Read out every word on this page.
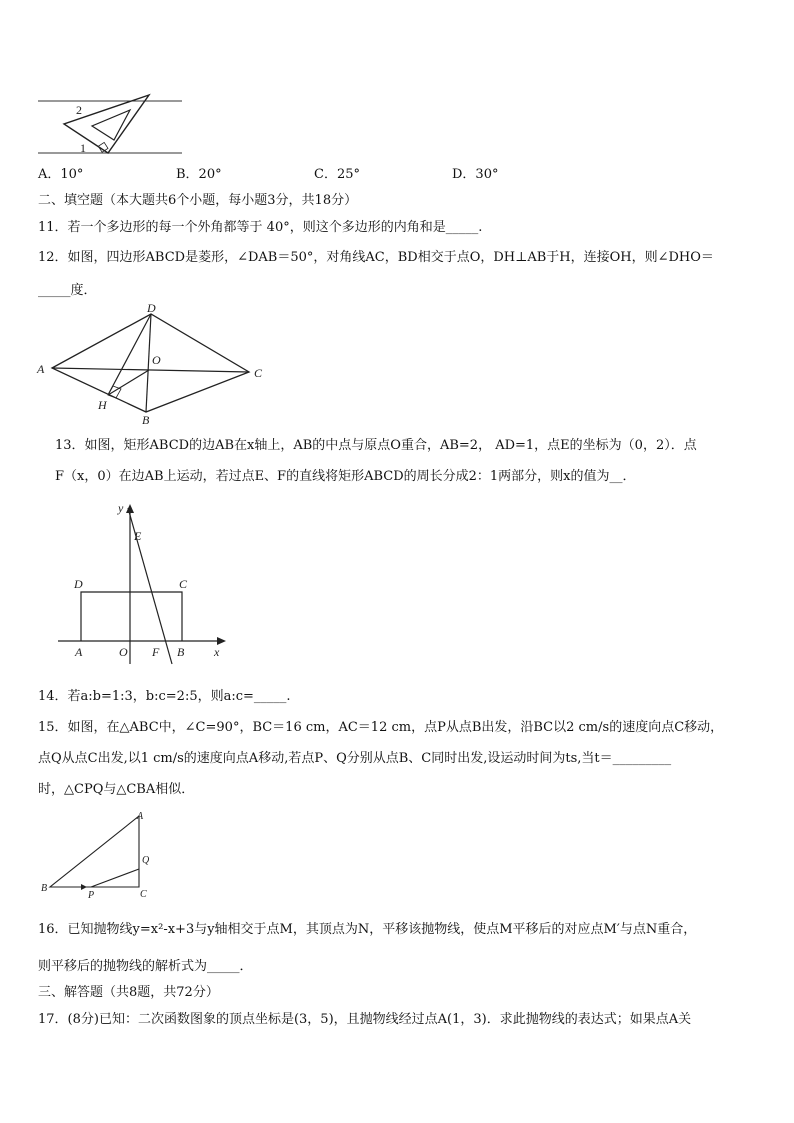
2
1
A．10°	B．20°	C．25°	D．30°
二、填空题（本大题共6个小题，每小题3分，共18分）
11．若一个多边形的每一个外角都等于 40°，则这个多边形的内角和是_____.
12．如图，四边形ABCD是菱形，∠DAB＝50°，对角线AC，BD相交于点O，DH⊥AB于H，连接OH，则∠DHO＝
_____度．
A
D
C
B
O
H
13．如图，矩形ABCD的边AB在x轴上，AB的中点与原点O重合，AB=2， AD=1，点E的坐标为（0，2）．点
F（x，0）在边AB上运动，若过点E、F的直线将矩形ABCD的周长分成2：1两部分，则x的值为__．
y
E
D	C
A	O F B x
14．若a:b=1:3，b:c=2:5，则a:c=_____.
15．如图，在△ABC中，∠C=90°，BC＝16 cm，AC＝12 cm，点P从点B出发，沿BC以2 cm/s的速度向点C移动，
点Q从点C出发,以1 cm/s的速度向点A移动,若点P、Q分别从点B、C同时出发,设运动时间为ts,当t＝_________
时，△CPQ与△CBA相似．
A
Q
B
P	C
16．已知抛物线y=x²-x+3与y轴相交于点M，其顶点为N，平移该抛物线，使点M平移后的对应点M′与点N重合，
则平移后的抛物线的解析式为_____．
三、解答题（共8题，共72分）
17．(8分)已知：二次函数图象的顶点坐标是(3，5)，且抛物线经过点A(1，3)．求此抛物线的表达式；如果点A关
